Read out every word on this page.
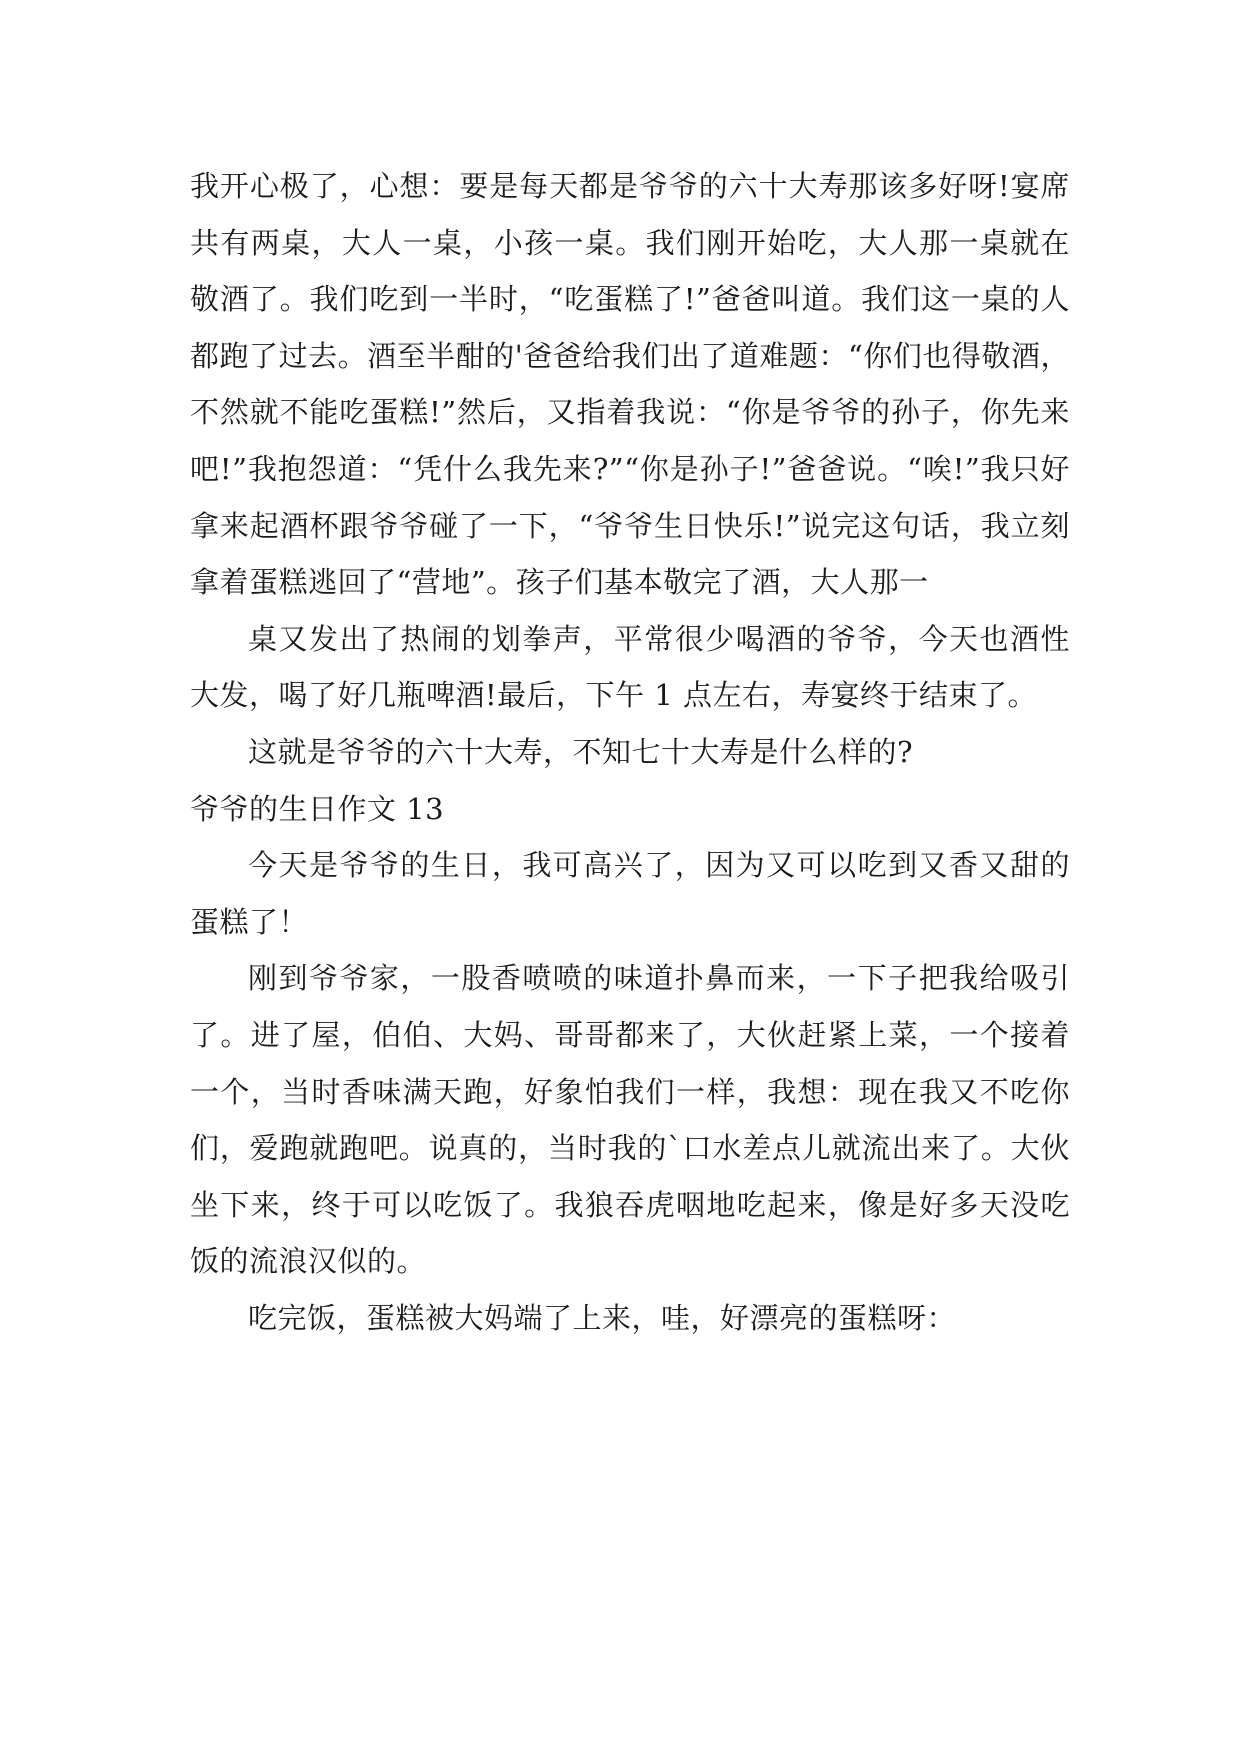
我开心极了，心想：要是每天都是爷爷的六十大寿那该多好呀!宴席共有两桌，大人一桌，小孩一桌。我们刚开始吃，大人那一桌就在敬酒了。我们吃到一半时，“吃蛋糕了!”爸爸叫道。我们这一桌的人都跑了过去。酒至半酣的'爸爸给我们出了道难题：“你们也得敬酒，不然就不能吃蛋糕!”然后，又指着我说：“你是爷爷的孙子，你先来吧!”我抱怨道：“凭什么我先来?”“你是孙子!”爸爸说。“唉!”我只好拿来起酒杯跟爷爷碰了一下，“爷爷生日快乐!”说完这句话，我立刻拿着蛋糕逃回了“营地”。孩子们基本敬完了酒，大人那一

桌又发出了热闹的划拳声，平常很少喝酒的爷爷，今天也酒性大发，喝了好几瓶啤酒!最后，下午 1 点左右，寿宴终于结束了。

这就是爷爷的六十大寿，不知七十大寿是什么样的?

爷爷的生日作文 13

今天是爷爷的生日，我可高兴了，因为又可以吃到又香又甜的蛋糕了！

刚到爷爷家，一股香喷喷的味道扑鼻而来，一下子把我给吸引了。进了屋，伯伯、大妈、哥哥都来了，大伙赶紧上菜，一个接着一个，当时香味满天跑，好象怕我们一样，我想：现在我又不吃你们，爱跑就跑吧。说真的，当时我的`口水差点儿就流出来了。大伙坐下来，终于可以吃饭了。我狼吞虎咽地吃起来，像是好多天没吃饭的流浪汉似的。

吃完饭，蛋糕被大妈端了上来，哇，好漂亮的蛋糕呀：
